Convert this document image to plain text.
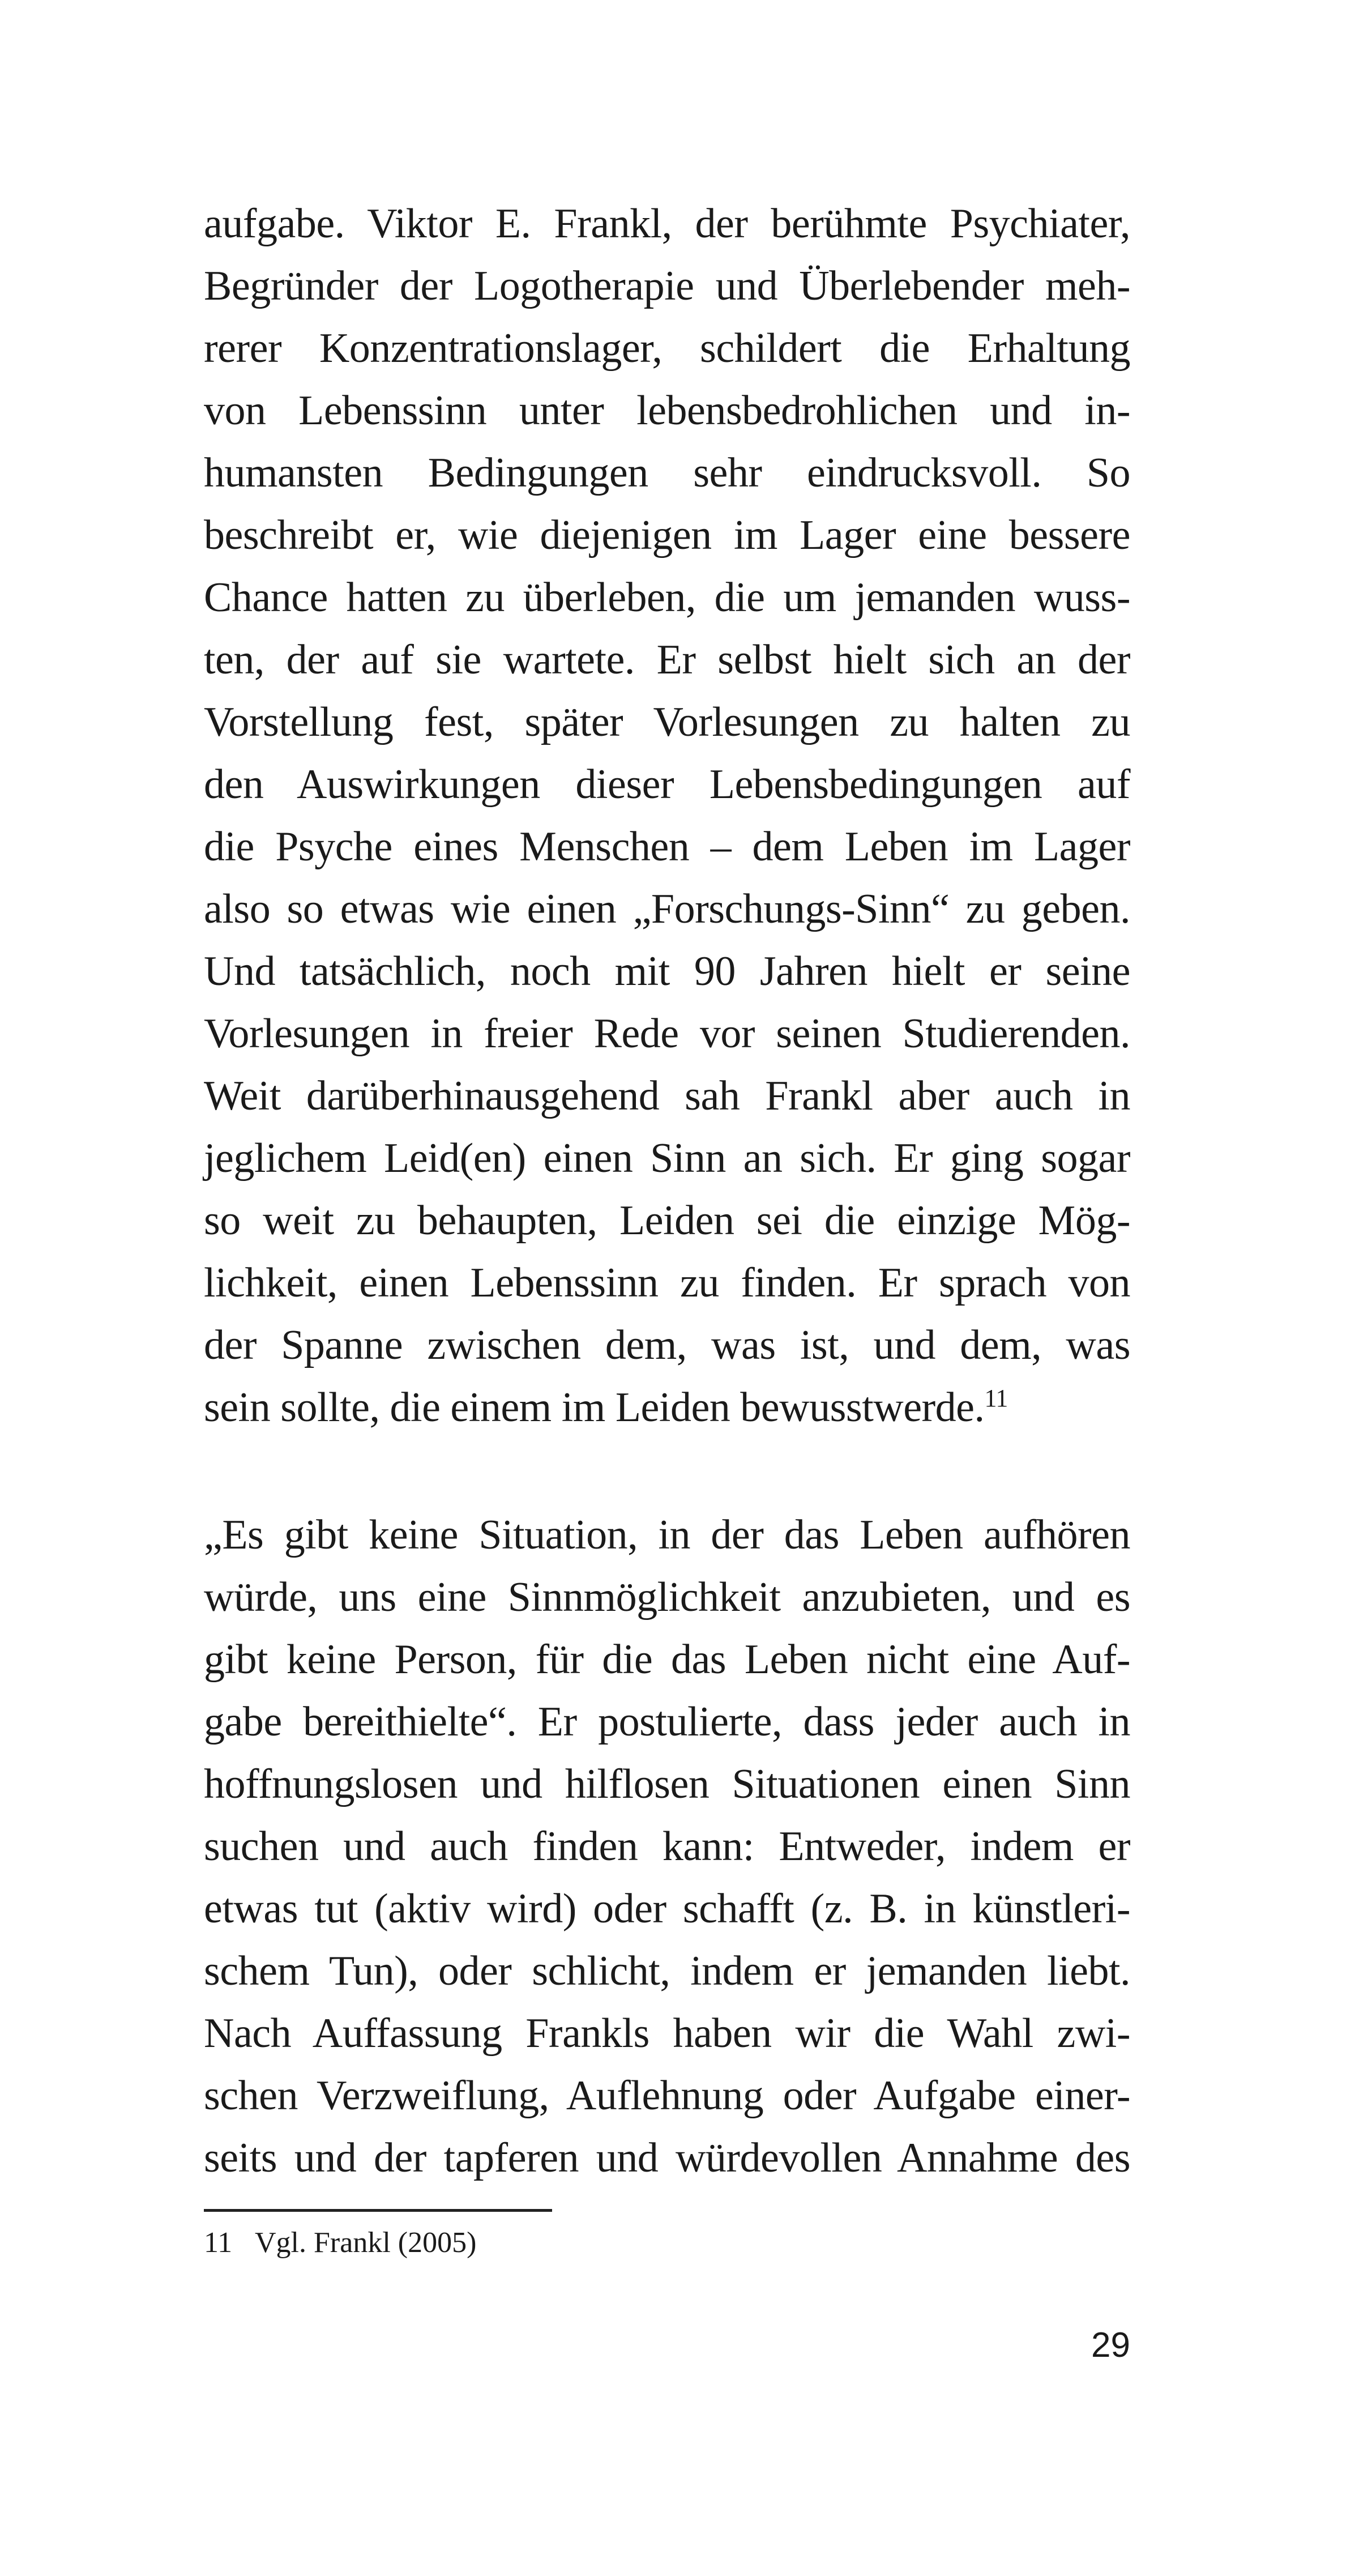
aufgabe. Viktor E. Frankl, der berühmte Psychiater,
Begründer der Logotherapie und Überlebender meh-
rerer Konzentrationslager, schildert die Erhaltung
von Lebenssinn unter lebensbedrohlichen und in-
humansten Bedingungen sehr eindrucksvoll. So
beschreibt er, wie diejenigen im Lager eine bessere
Chance hatten zu überleben, die um jemanden wuss-
ten, der auf sie wartete. Er selbst hielt sich an der
Vorstellung fest, später Vorlesungen zu halten zu
den Auswirkungen dieser Lebensbedingungen auf
die Psyche eines Menschen – dem Leben im Lager
also so etwas wie einen „Forschungs-Sinn“ zu geben.
Und tatsächlich, noch mit 90 Jahren hielt er seine
Vorlesungen in freier Rede vor seinen Studierenden.
Weit darüberhinausgehend sah Frankl aber auch in
jeglichem Leid(en) einen Sinn an sich. Er ging sogar
so weit zu behaupten, Leiden sei die einzige Mög-
lichkeit, einen Lebenssinn zu finden. Er sprach von
der Spanne zwischen dem, was ist, und dem, was
sein sollte, die einem im Leiden bewusstwerde.$^{11}$
„Es gibt keine Situation, in der das Leben aufhören
würde, uns eine Sinnmöglichkeit anzubieten, und es
gibt keine Person, für die das Leben nicht eine Auf-
gabe bereithielte“. Er postulierte, dass jeder auch in
hoffnungslosen und hilflosen Situationen einen Sinn
suchen und auch finden kann: Entweder, indem er
etwas tut (aktiv wird) oder schafft (z. B. in künstleri-
schem Tun), oder schlicht, indem er jemanden liebt.
Nach Auffassung Frankls haben wir die Wahl zwi-
schen Verzweiflung, Auflehnung oder Aufgabe einer-
seits und der tapferen und würdevollen Annahme des
11 Vgl. Frankl (2005)
29
